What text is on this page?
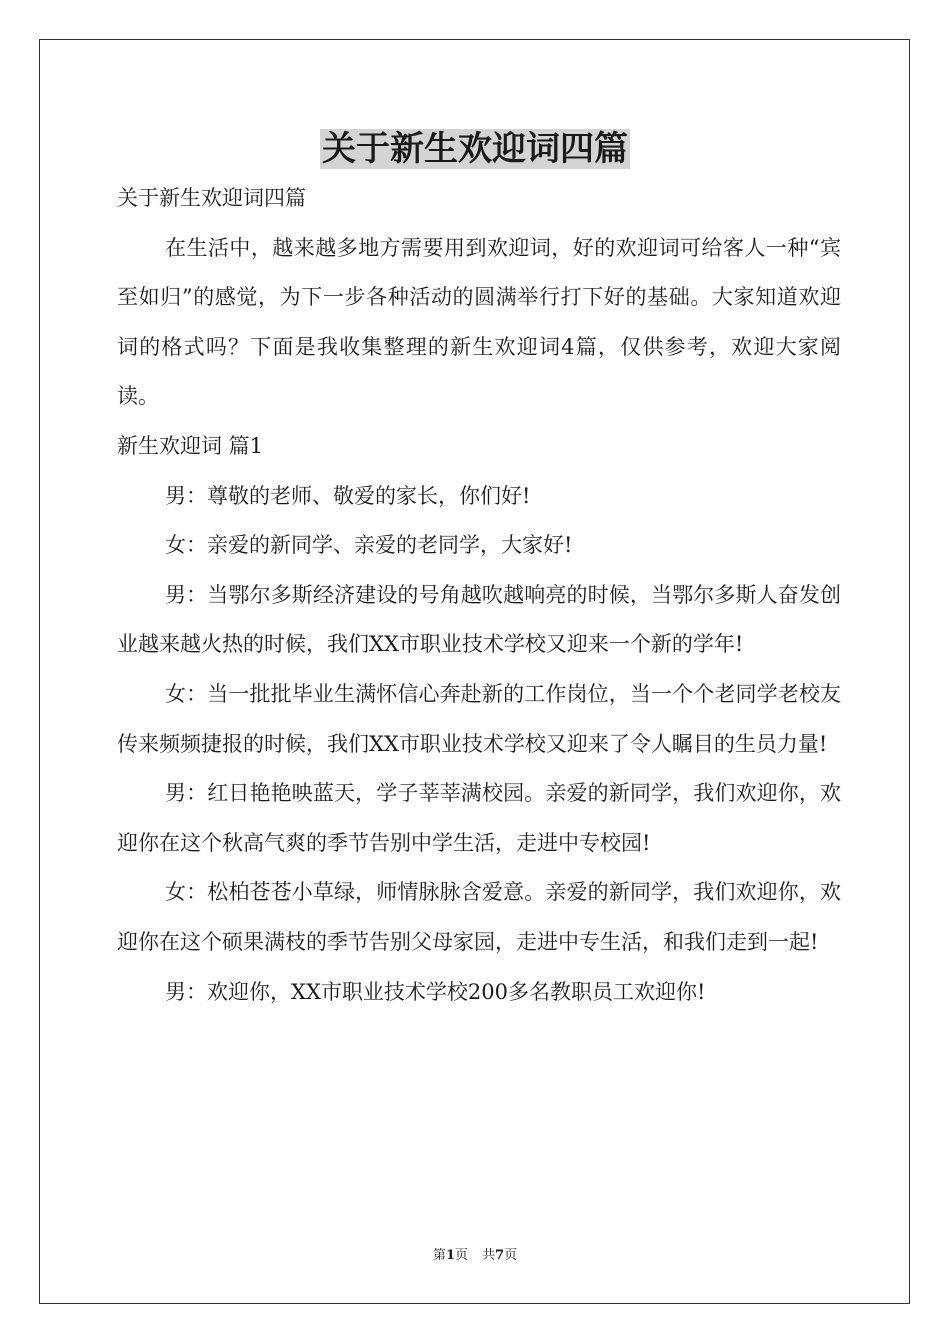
关于新生欢迎词四篇
关于新生欢迎词四篇

在生活中，越来越多地方需要用到欢迎词，好的欢迎词可给客人一种“宾至如归”的感觉，为下一步各种活动的圆满举行打下好的基础。大家知道欢迎词的格式吗？下面是我收集整理的新生欢迎词4篇，仅供参考，欢迎大家阅读。

新生欢迎词 篇1

男：尊敬的老师、敬爱的家长，你们好!

女：亲爱的新同学、亲爱的老同学，大家好!

男：当鄂尔多斯经济建设的号角越吹越响亮的时候，当鄂尔多斯人奋发创业越来越火热的时候，我们XX市职业技术学校又迎来一个新的学年!

女：当一批批毕业生满怀信心奔赴新的工作岗位，当一个个老同学老校友传来频频捷报的时候，我们XX市职业技术学校又迎来了令人瞩目的生员力量!

男：红日艳艳映蓝天，学子莘莘满校园。亲爱的新同学，我们欢迎你，欢迎你在这个秋高气爽的季节告别中学生活，走进中专校园!

女：松柏苍苍小草绿，师情脉脉含爱意。亲爱的新同学，我们欢迎你，欢迎你在这个硕果满枝的季节告别父母家园，走进中专生活，和我们走到一起!

男：欢迎你，XX市职业技术学校200多名教职员工欢迎你!

第1页 共7页
